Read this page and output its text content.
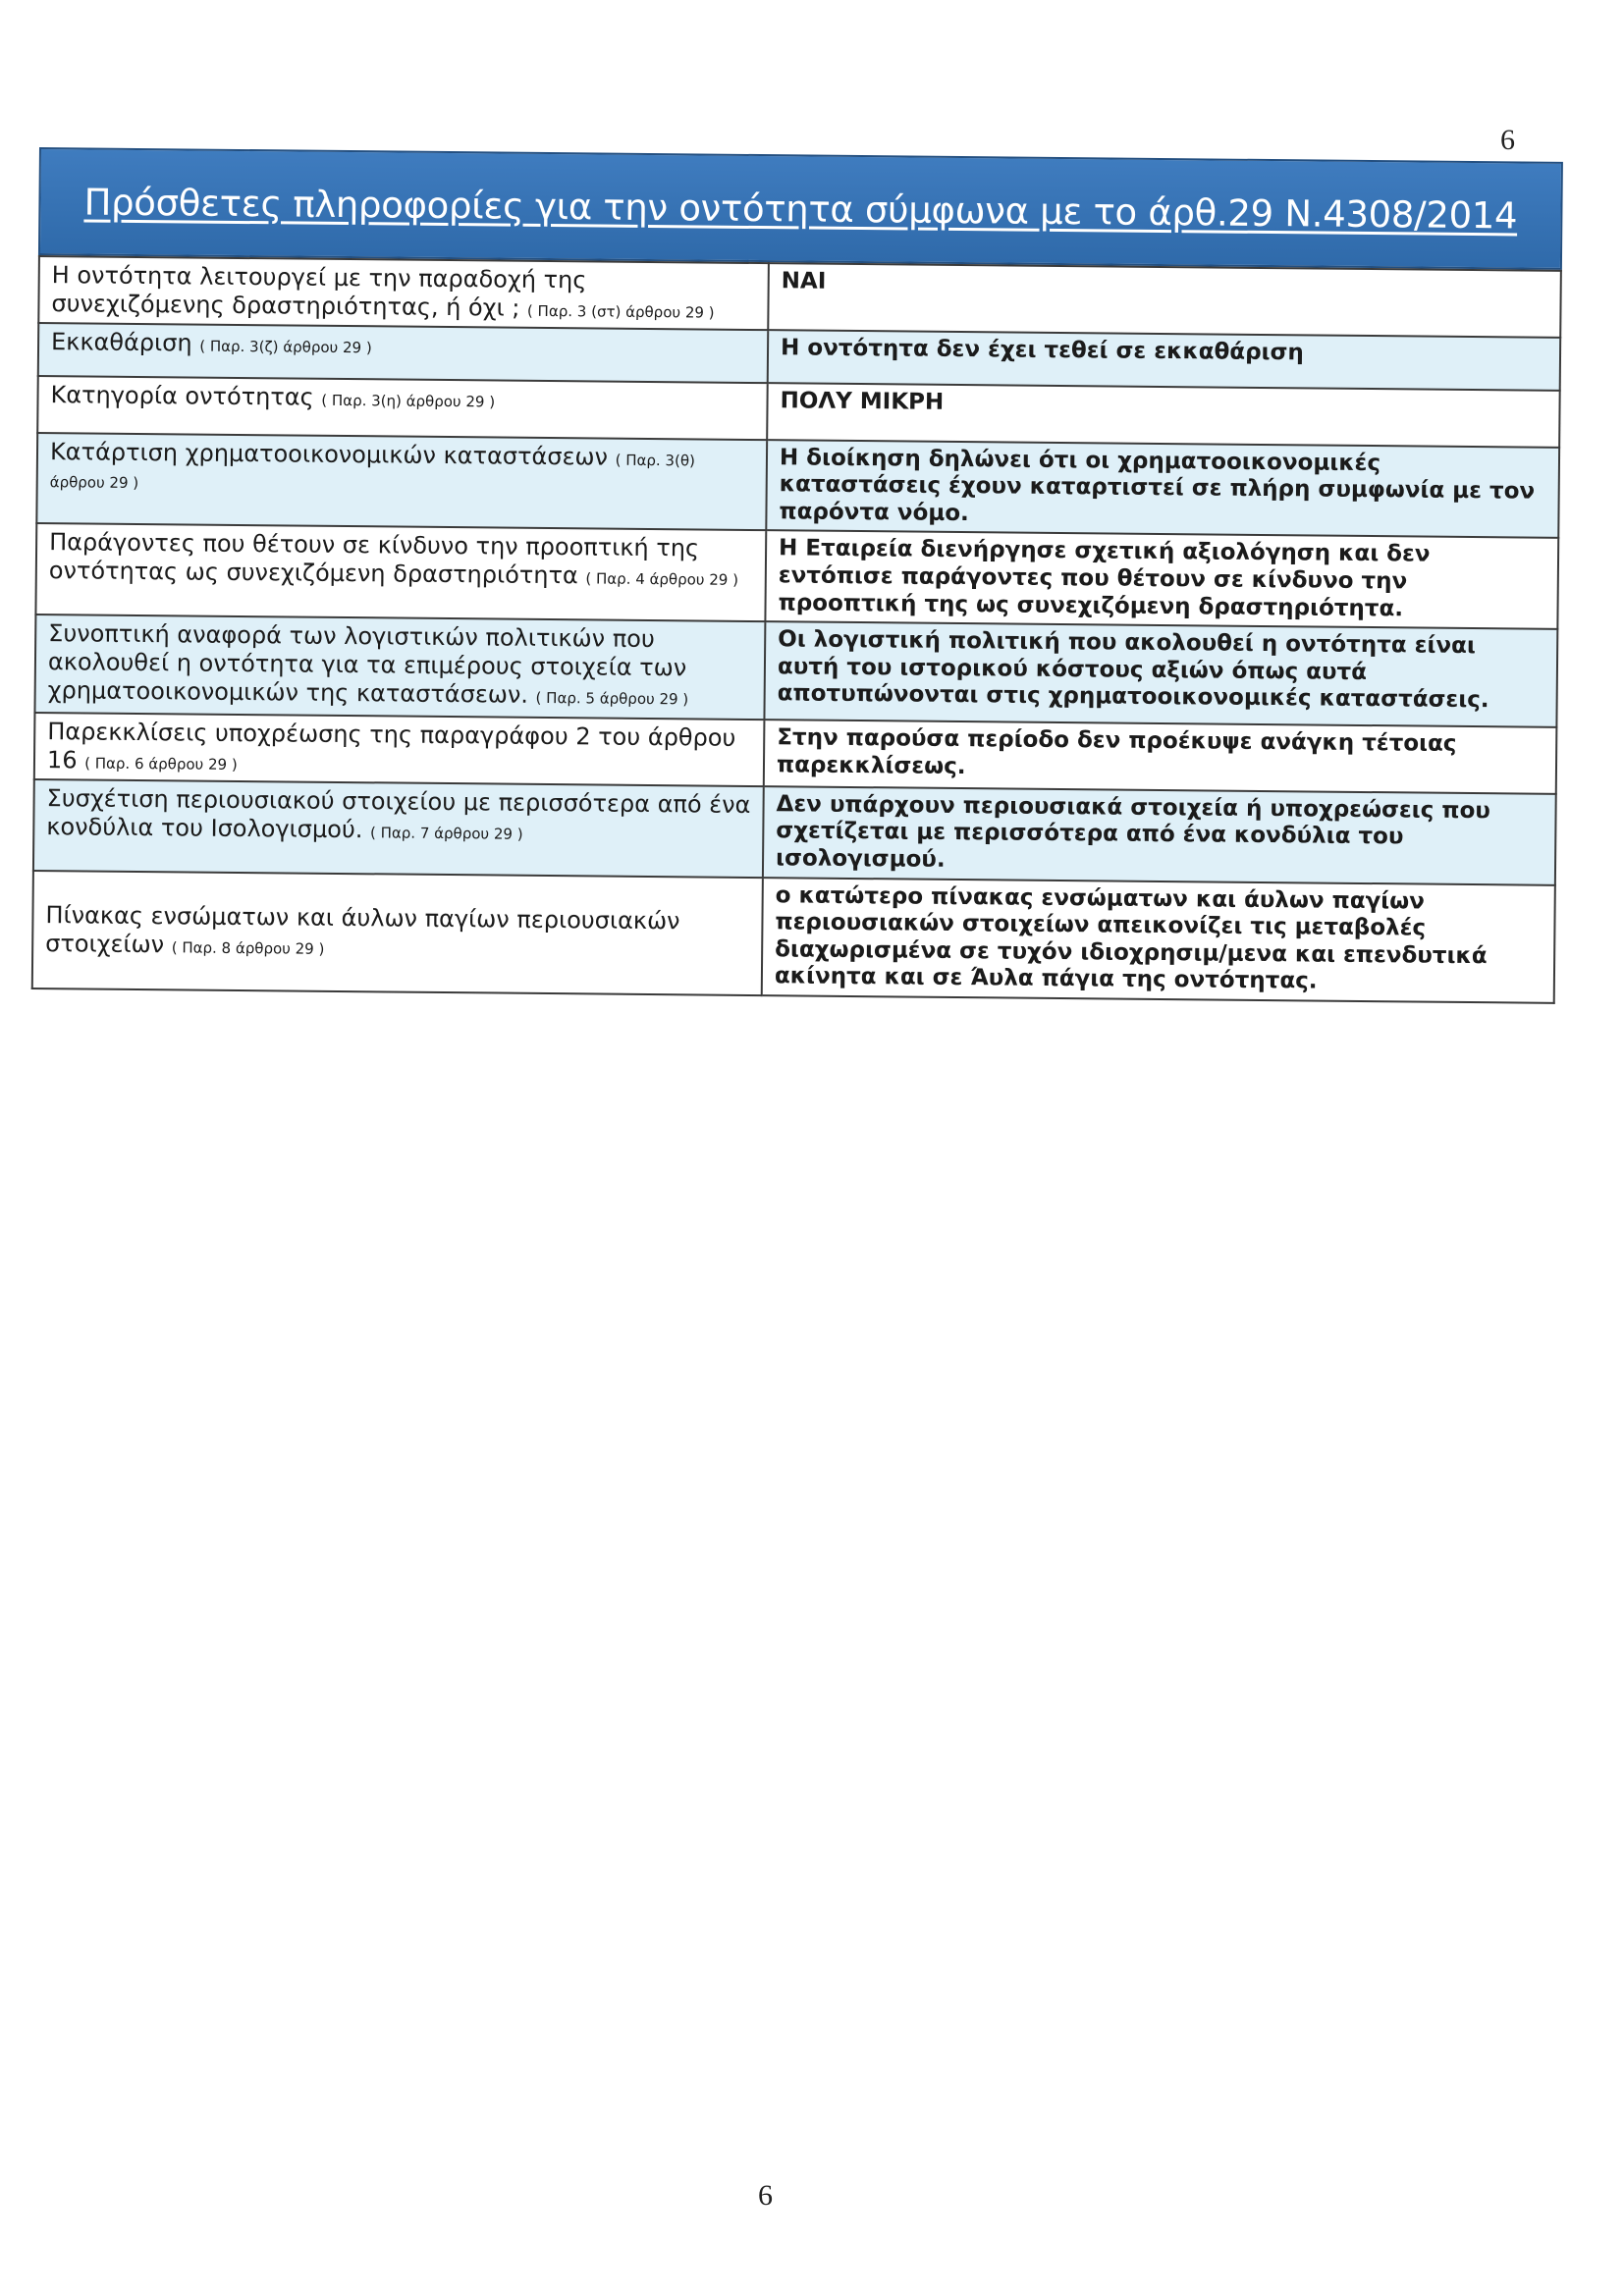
6
Πρόσθετες πληροφορίες για την οντότητα σύμφωνα με το άρθ.29 Ν.4308/2014
Η οντότητα λειτουργεί με την παραδοχή της συνεχιζόμενης δραστηριότητας, ή όχι ; ( Παρ. 3 (στ) άρθρου 29 )	ΝΑΙ
Εκκαθάριση ( Παρ. 3(ζ) άρθρου 29 )	Η οντότητα δεν έχει τεθεί σε εκκαθάριση
Κατηγορία οντότητας ( Παρ. 3(η) άρθρου 29 )	ΠΟΛΥ ΜΙΚΡΗ
Κατάρτιση χρηματοοικονομικών καταστάσεων ( Παρ. 3(θ) άρθρου 29 )	Η διοίκηση δηλώνει ότι οι χρηματοοικονομικές καταστάσεις έχουν καταρτιστεί σε πλήρη συμφωνία με τον παρόντα νόμο.
Παράγοντες που θέτουν σε κίνδυνο την προοπτική της οντότητας ως συνεχιζόμενη δραστηριότητα ( Παρ. 4 άρθρου 29 )	Η Εταιρεία διενήργησε σχετική αξιολόγηση και δεν εντόπισε παράγοντες που θέτουν σε κίνδυνο την προοπτική της ως συνεχιζόμενη δραστηριότητα.
Συνοπτική αναφορά των λογιστικών πολιτικών που ακολουθεί η οντότητα για τα επιμέρους στοιχεία των χρηματοοικονομικών της καταστάσεων. ( Παρ. 5 άρθρου 29 )	Οι λογιστική πολιτική που ακολουθεί η οντότητα είναι αυτή του ιστορικού κόστους αξιών όπως αυτά αποτυπώνονται στις χρηματοοικονομικές καταστάσεις.
Παρεκκλίσεις υποχρέωσης της παραγράφου 2 του άρθρου 16 ( Παρ. 6 άρθρου 29 )	Στην παρούσα περίοδο δεν προέκυψε ανάγκη τέτοιας παρεκκλίσεως.
Συσχέτιση περιουσιακού στοιχείου με περισσότερα από ένα κονδύλια του Ισολογισμού. ( Παρ. 7 άρθρου 29 )	Δεν υπάρχουν περιουσιακά στοιχεία ή υποχρεώσεις που σχετίζεται με περισσότερα από ένα κονδύλια του ισολογισμού.
Πίνακας ενσώματων και άυλων παγίων περιουσιακών στοιχείων ( Παρ. 8 άρθρου 29 )	ο κατώτερο πίνακας ενσώματων και άυλων παγίων περιουσιακών στοιχείων απεικονίζει τις μεταβολές διαχωρισμένα σε τυχόν ιδιοχρησιμ/μενα και επενδυτικά ακίνητα και σε Άυλα πάγια της οντότητας.
6
